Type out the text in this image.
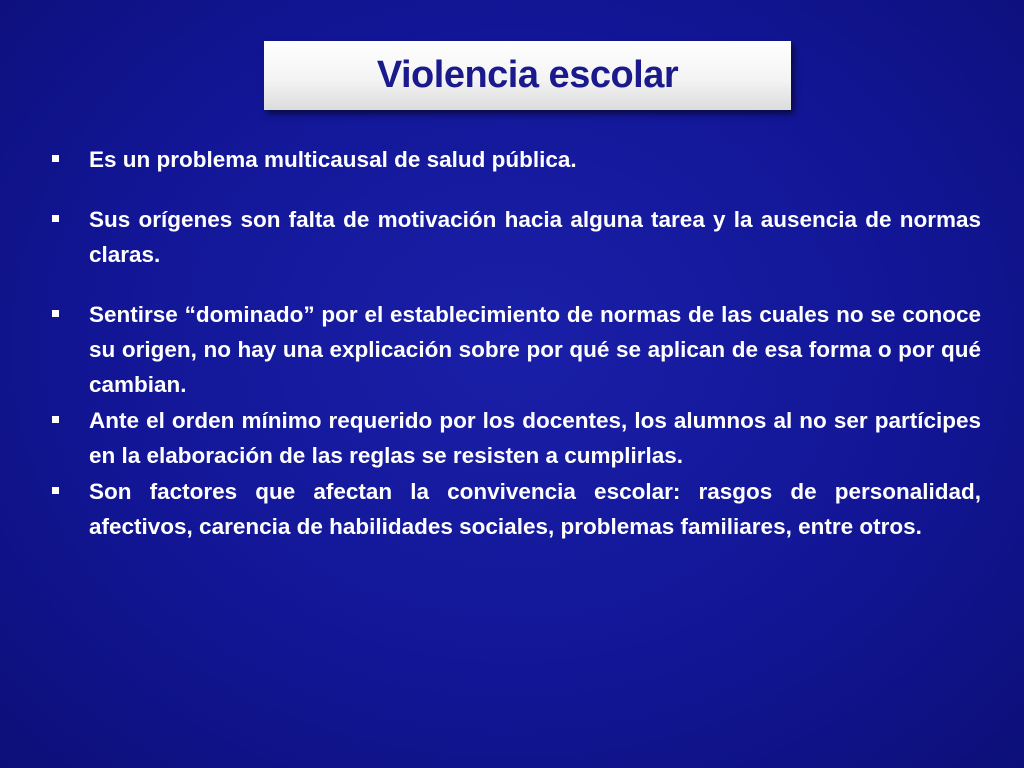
Violencia escolar
Es un problema multicausal de salud pública.
Sus orígenes son falta de motivación hacia alguna tarea y la ausencia de normas claras.
Sentirse “dominado” por el establecimiento de normas de las cuales no se conoce su origen, no hay una explicación sobre por qué se aplican de esa forma o por qué cambian.
Ante el orden mínimo requerido por los docentes, los alumnos al no ser partícipes en la elaboración de las reglas se resisten a cumplirlas.
Son factores que afectan la convivencia escolar: rasgos de personalidad, afectivos, carencia de habilidades sociales, problemas familiares, entre otros.
